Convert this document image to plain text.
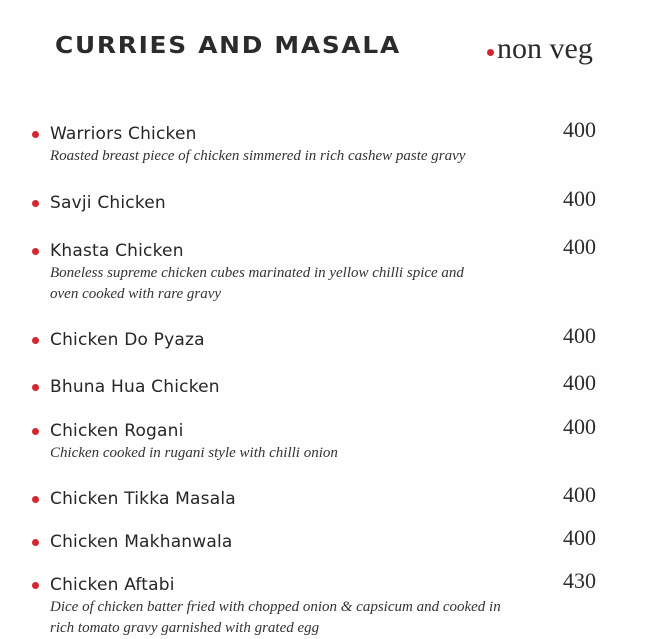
CURRIES AND MASALA	non veg
Warriors Chicken	400
Roasted breast piece of chicken simmered in rich cashew paste gravy
Savji Chicken	400
Khasta Chicken	400
Boneless supreme chicken cubes marinated in yellow chilli spice and oven cooked with rare gravy
Chicken Do Pyaza	400
Bhuna Hua Chicken	400
Chicken Rogani	400
Chicken cooked in rugani style with chilli onion
Chicken Tikka Masala	400
Chicken Makhanwala	400
Chicken Aftabi	430
Dice of chicken batter fried with chopped onion & capsicum and cooked in rich tomato gravy garnished with grated egg
